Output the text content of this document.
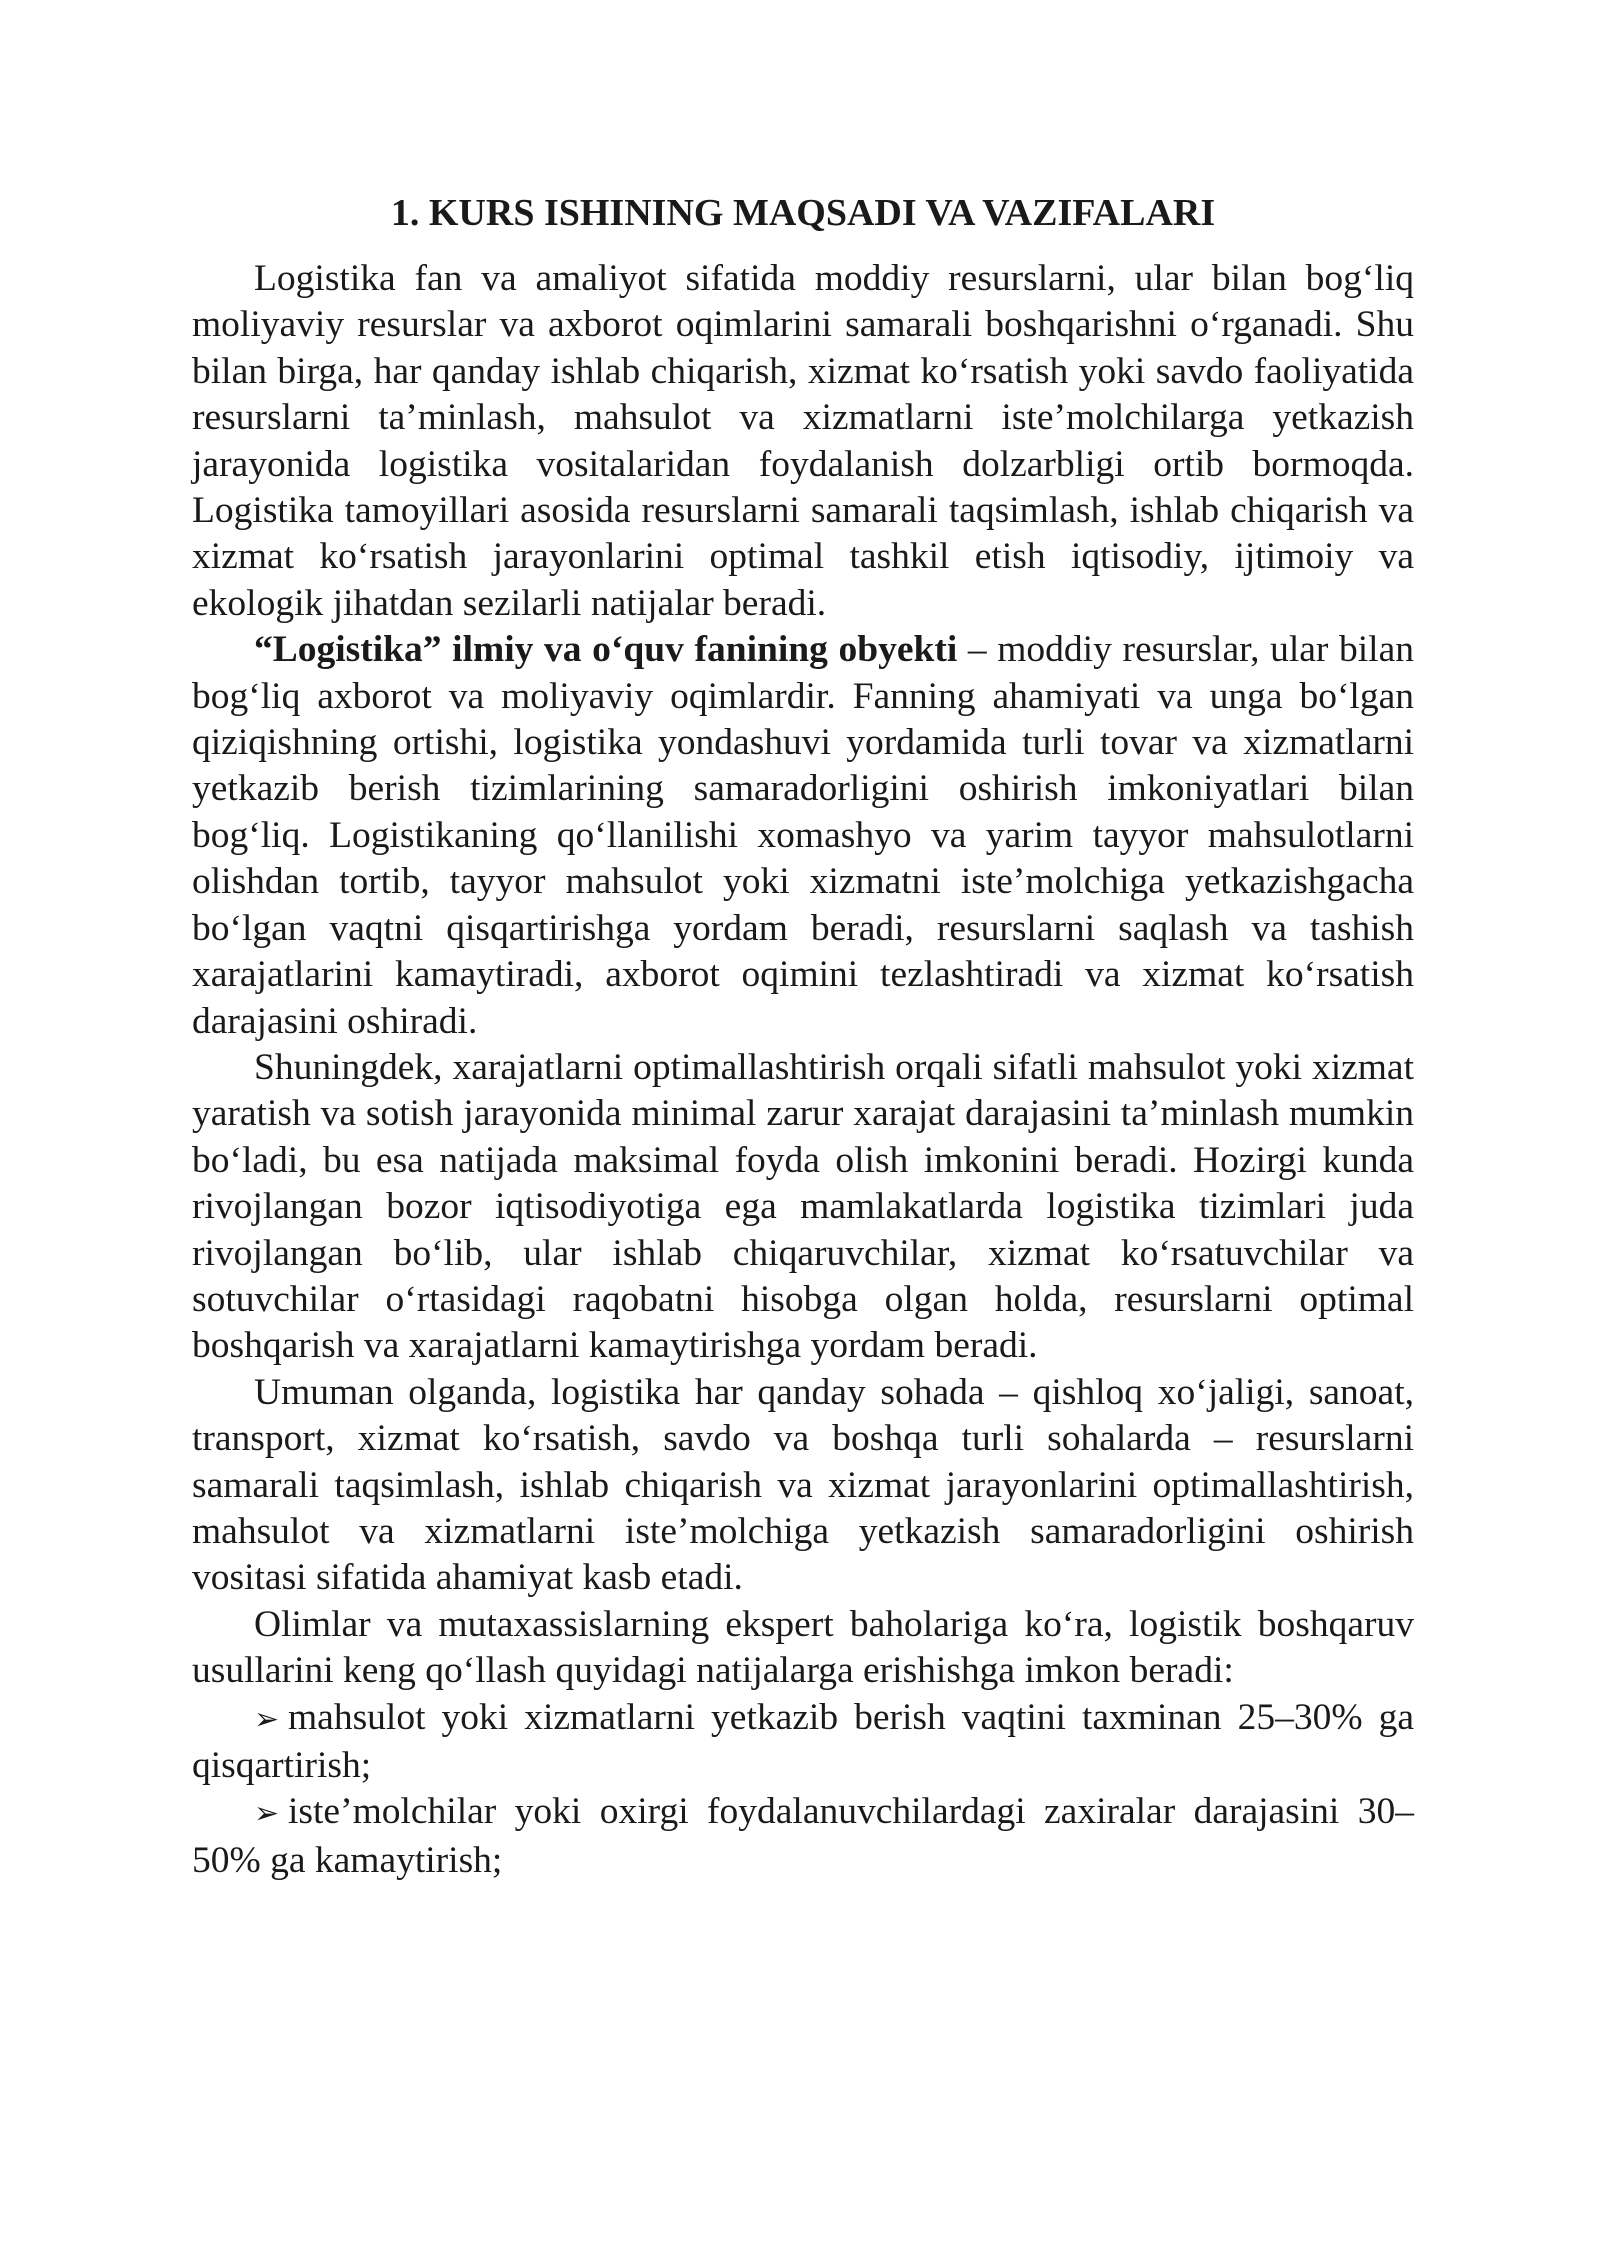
1. KURS ISHINING MAQSADI VA VAZIFALARI

Logistika fan va amaliyot sifatida moddiy resurslarni, ular bilan bog‘liq moliyaviy resurslar va axborot oqimlarini samarali boshqarishni o‘rganadi. Shu bilan birga, har qanday ishlab chiqarish, xizmat ko‘rsatish yoki savdo faoliyatida resurslarni ta’minlash, mahsulot va xizmatlarni iste’molchilarga yetkazish jarayonida logistika vositalaridan foydalanish dolzarbligi ortib bormoqda. Logistika tamoyillari asosida resurslarni samarali taqsimlash, ishlab chiqarish va xizmat ko‘rsatish jarayonlarini optimal tashkil etish iqtisodiy, ijtimoiy va ekologik jihatdan sezilarli natijalar beradi.

“Logistika” ilmiy va o‘quv fanining obyekti – moddiy resurslar, ular bilan bog‘liq axborot va moliyaviy oqimlardir. Fanning ahamiyati va unga bo‘lgan qiziqishning ortishi, logistika yondashuvi yordamida turli tovar va xizmatlarni yetkazib berish tizimlarining samaradorligini oshirish imkoniyatlari bilan bog‘liq. Logistikaning qo‘llanilishi xomashyo va yarim tayyor mahsulotlarni olishdan tortib, tayyor mahsulot yoki xizmatni iste’molchiga yetkazishgacha bo‘lgan vaqtni qisqartirishga yordam beradi, resurslarni saqlash va tashish xarajatlarini kamaytiradi, axborot oqimini tezlashtiradi va xizmat ko‘rsatish darajasini oshiradi.

Shuningdek, xarajatlarni optimallashtirish orqali sifatli mahsulot yoki xizmat yaratish va sotish jarayonida minimal zarur xarajat darajasini ta’minlash mumkin bo‘ladi, bu esa natijada maksimal foyda olish imkonini beradi. Hozirgi kunda rivojlangan bozor iqtisodiyotiga ega mamlakatlarda logistika tizimlari juda rivojlangan bo‘lib, ular ishlab chiqaruvchilar, xizmat ko‘rsatuvchilar va sotuvchilar o‘rtasidagi raqobatni hisobga olgan holda, resurslarni optimal boshqarish va xarajatlarni kamaytirishga yordam beradi.

Umuman olganda, logistika har qanday sohada – qishloq xo‘jaligi, sanoat, transport, xizmat ko‘rsatish, savdo va boshqa turli sohalarda – resurslarni samarali taqsimlash, ishlab chiqarish va xizmat jarayonlarini optimallashtirish, mahsulot va xizmatlarni iste’molchiga yetkazish samaradorligini oshirish vositasi sifatida ahamiyat kasb etadi.

Olimlar va mutaxassislarning ekspert baholariga ko‘ra, logistik boshqaruv usullarini keng qo‘llash quyidagi natijalarga erishishga imkon beradi:

➢ mahsulot yoki xizmatlarni yetkazib berish vaqtini taxminan 25–30% ga qisqartirish;

➢ iste’molchilar yoki oxirgi foydalanuvchilardagi zaxiralar darajasini 30–50% ga kamaytirish;
